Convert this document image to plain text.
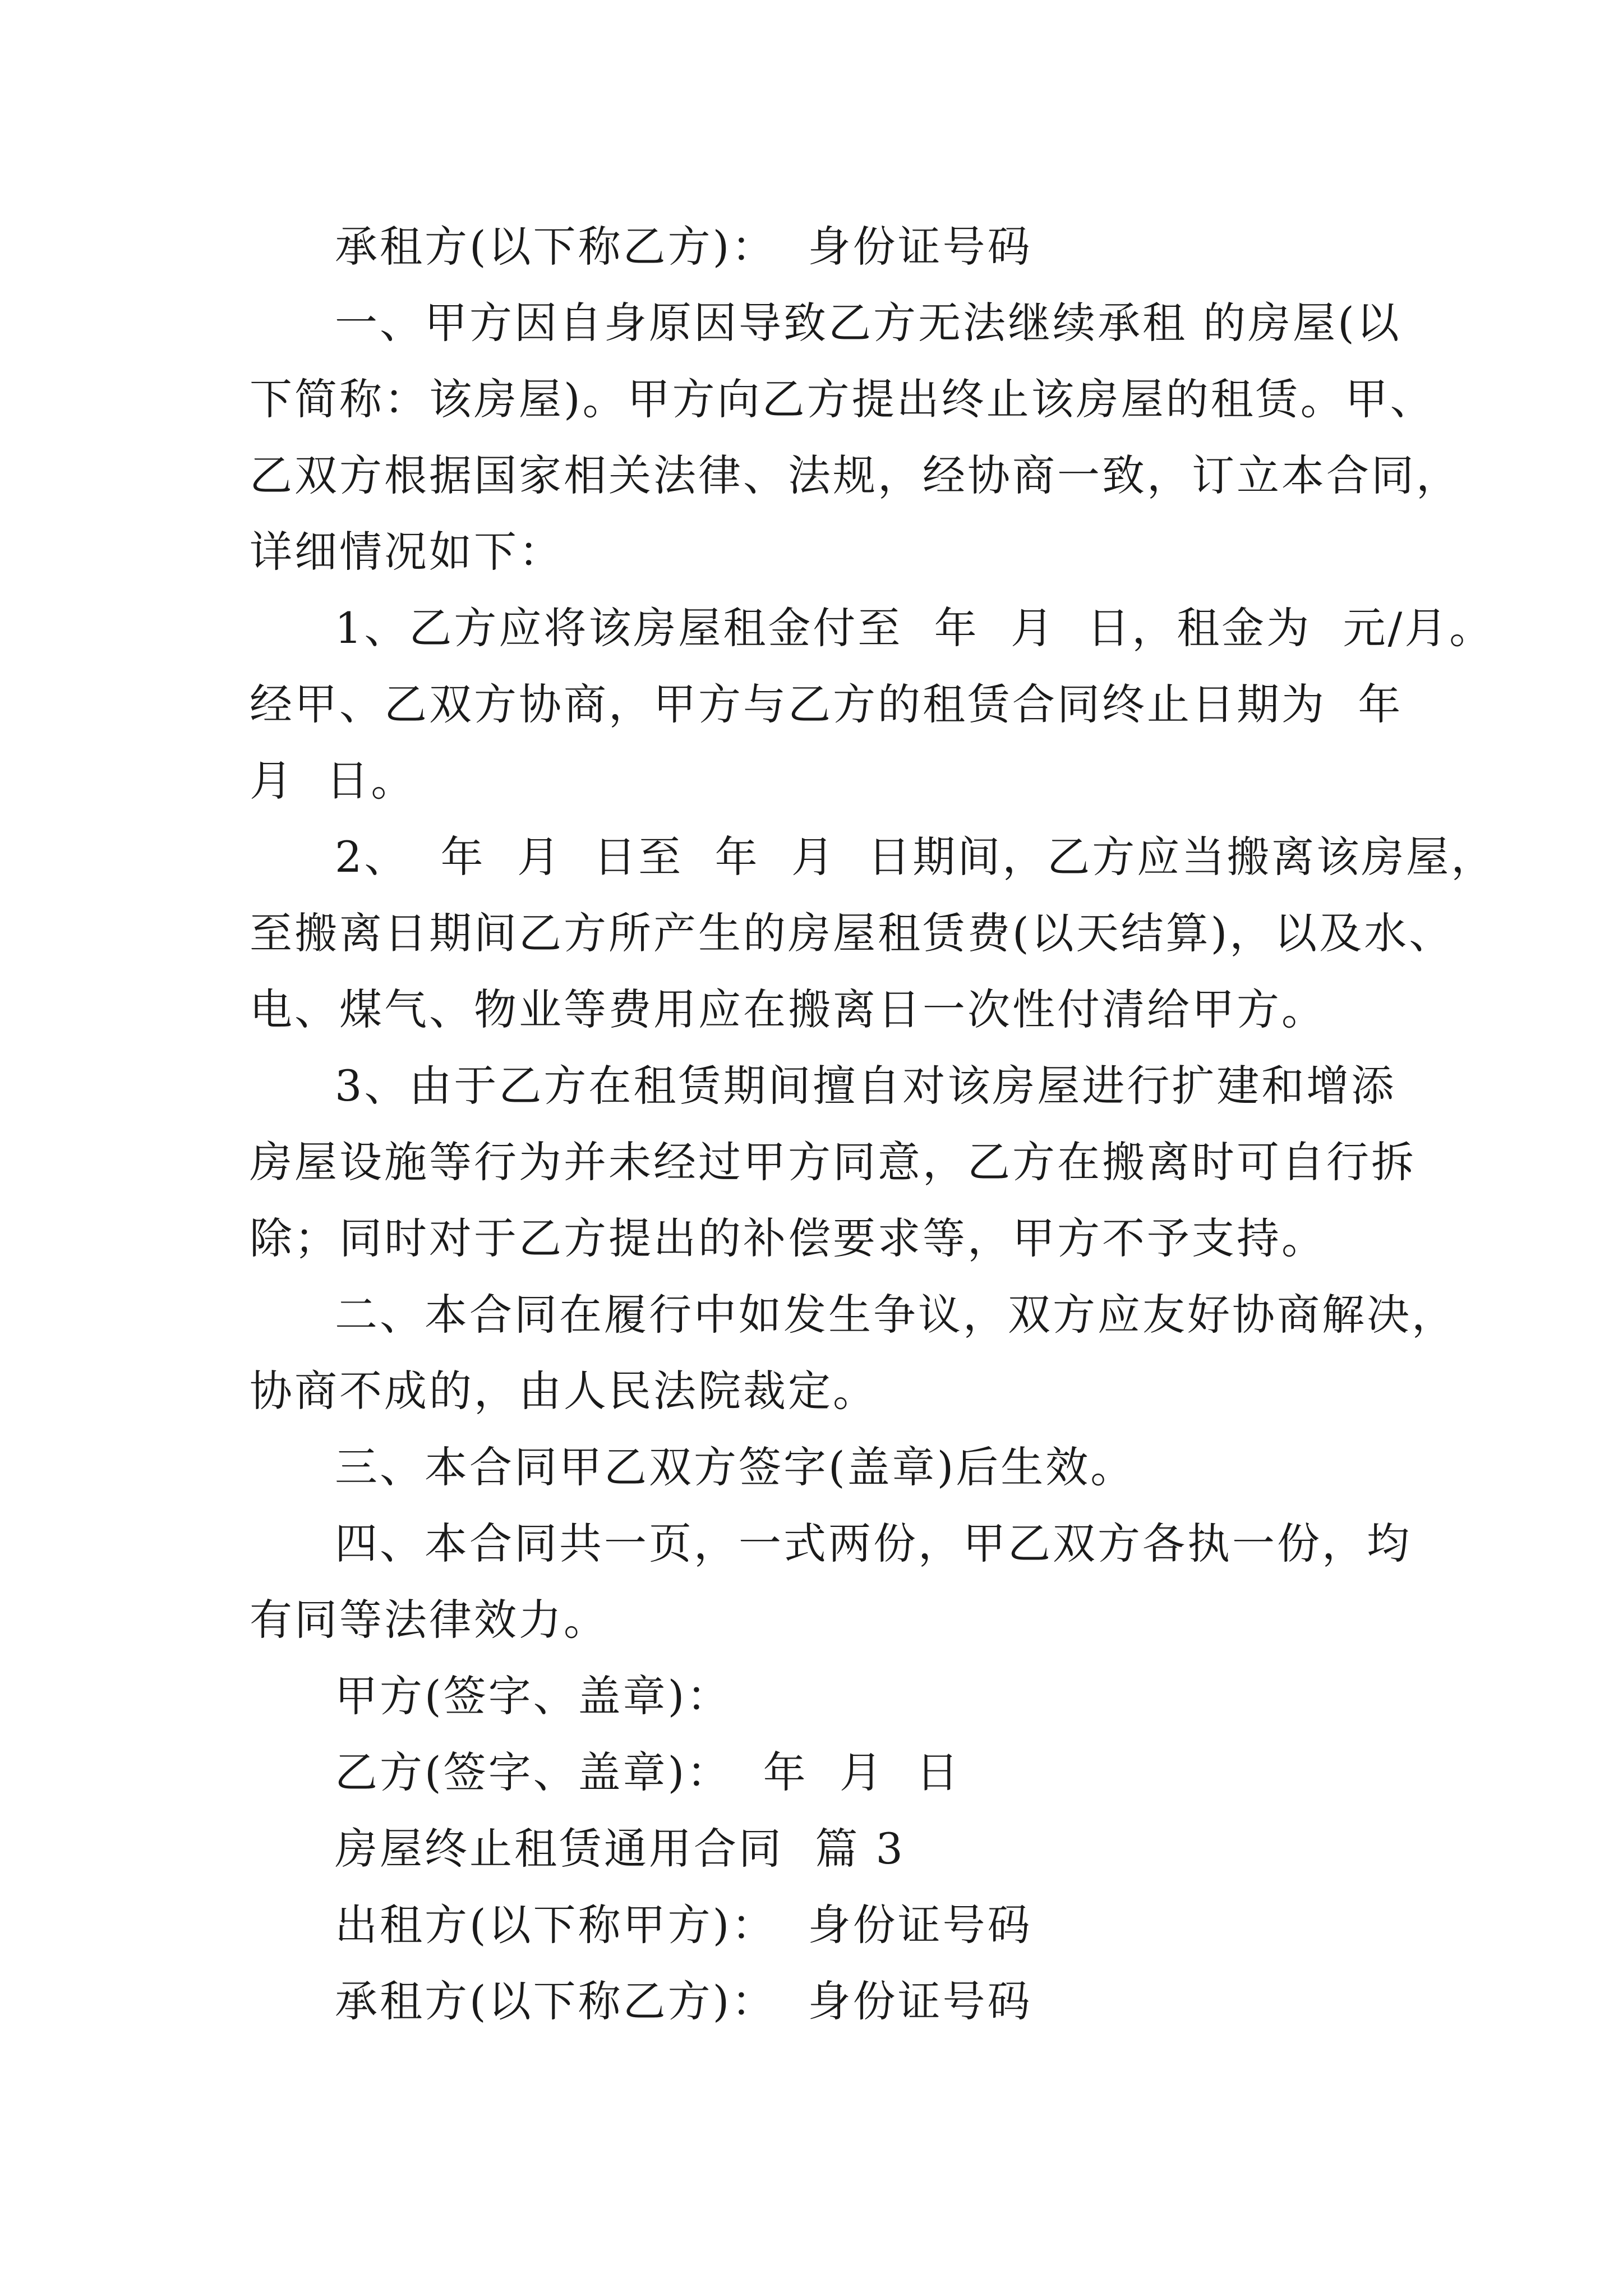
承租方(以下称乙方)：  身份证号码
一、甲方因自身原因导致乙方无法继续承租 的房屋(以
下简称：该房屋)。甲方向乙方提出终止该房屋的租赁。甲、
乙双方根据国家相关法律、法规，经协商一致，订立本合同，
详细情况如下：
1、乙方应将该房屋租金付至  年  月  日，租金为  元/月。
经甲、乙双方协商，甲方与乙方的租赁合同终止日期为  年
月  日。
2、  年  月  日至  年  月  日期间，乙方应当搬离该房屋，
至搬离日期间乙方所产生的房屋租赁费(以天结算)，以及水、
电、煤气、物业等费用应在搬离日一次性付清给甲方。
3、由于乙方在租赁期间擅自对该房屋进行扩建和增添
房屋设施等行为并未经过甲方同意，乙方在搬离时可自行拆
除；同时对于乙方提出的补偿要求等，甲方不予支持。
二、本合同在履行中如发生争议，双方应友好协商解决，
协商不成的，由人民法院裁定。
三、本合同甲乙双方签字(盖章)后生效。
四、本合同共一页，一式两份，甲乙双方各执一份，均
有同等法律效力。
甲方(签字、盖章)：
乙方(签字、盖章)：  年  月  日
房屋终止租赁通用合同  篇 3
出租方(以下称甲方)：  身份证号码
承租方(以下称乙方)：  身份证号码
